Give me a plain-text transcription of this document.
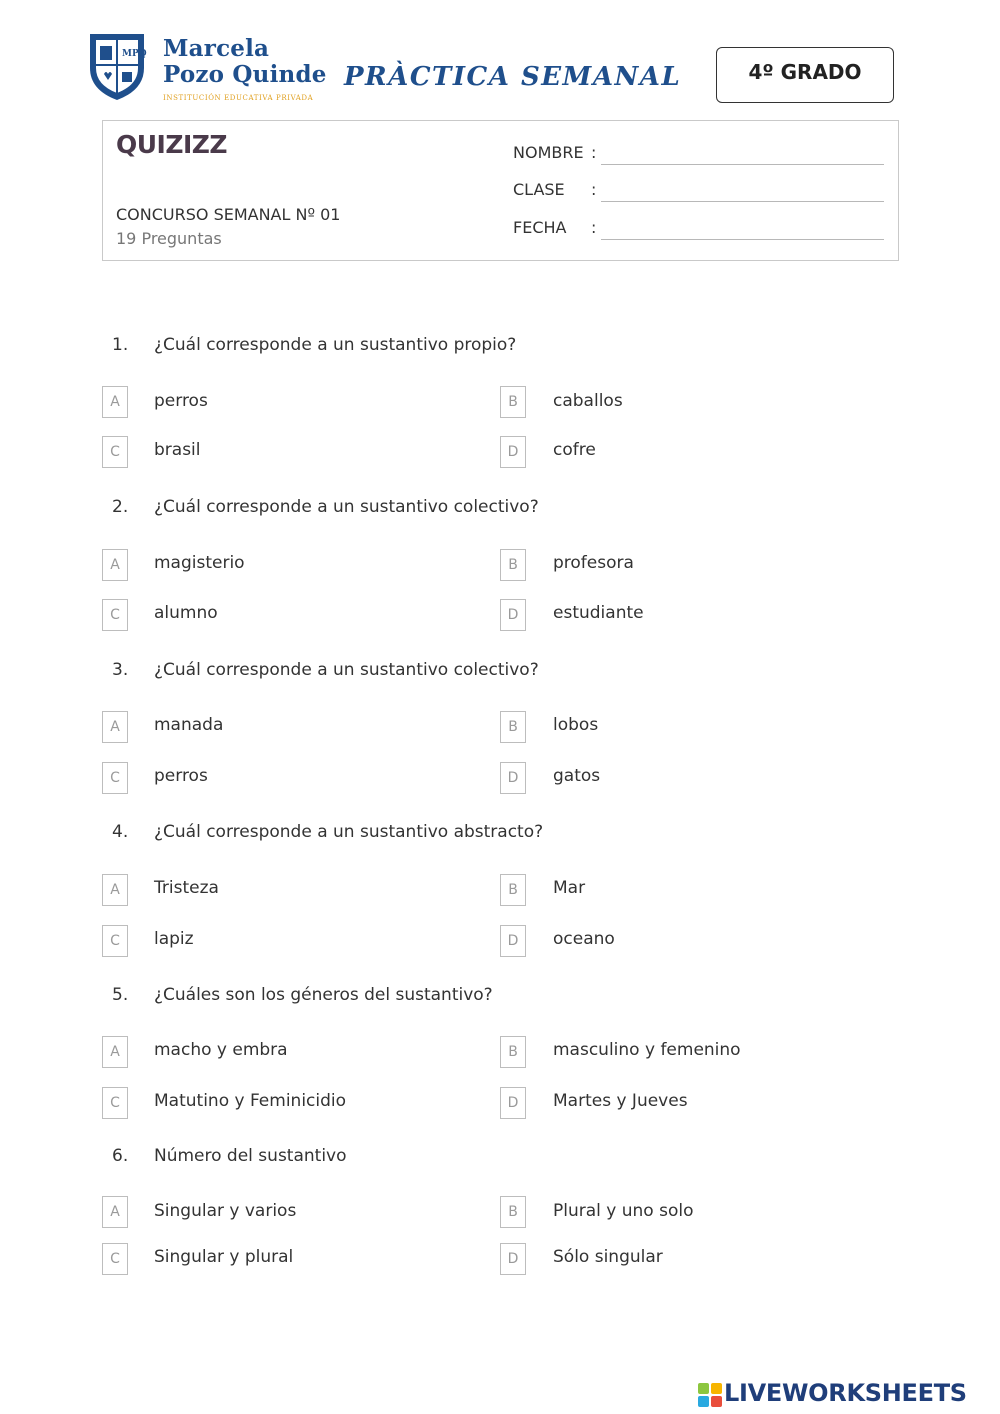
MPQ Marcela
Pozo Quinde
INSTITUCIÓN EDUCATIVA PRIVADA
PRÀCTICA SEMANAL	4º GRADO
QUIZIZZ
CONCURSO SEMANAL Nº 01
19 Preguntas
NOMBRE :
CLASE :
FECHA :
1. ¿Cuál corresponde a un sustantivo propio?
A	perros	B	caballos
C	brasil	D	cofre
2. ¿Cuál corresponde a un sustantivo colectivo?
A	magisterio	B	profesora
C	alumno	D	estudiante
3. ¿Cuál corresponde a un sustantivo colectivo?
A	manada	B	lobos
C	perros	D	gatos
4. ¿Cuál corresponde a un sustantivo abstracto?
A	Tristeza	B	Mar
C	lapiz	D	oceano
5. ¿Cuáles son los géneros del sustantivo?
A	macho y embra	B	masculino y femenino
C	Matutino y Feminicidio	D	Martes y Jueves
6. Número del sustantivo
A	Singular y varios	B	Plural y uno solo
C	Singular y plural	D	Sólo singular
LIVEWORKSHEETS
